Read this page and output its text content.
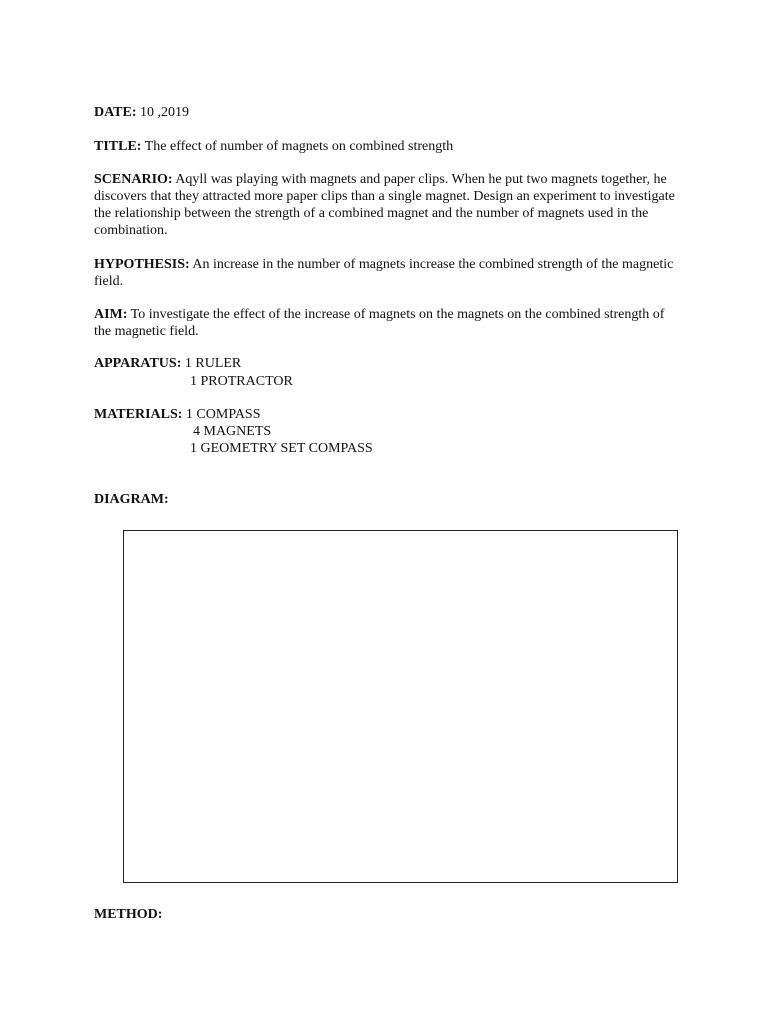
DATE: 10 ,2019
TITLE: The effect of number of magnets on combined strength
SCENARIO: Aqyll was playing with magnets and paper clips. When he put two magnets together, he discovers that they attracted more paper clips than a single magnet. Design an experiment to investigate the relationship between the strength of a combined magnet and the number of magnets used in the combination.
HYPOTHESIS: An increase in the number of magnets increase the combined strength of the magnetic field.
AIM: To investigate the effect of the increase of magnets on the magnets on the combined strength of the magnetic field.
APPARATUS: 1 RULER
1 PROTRACTOR
MATERIALS: 1 COMPASS
4 MAGNETS
1 GEOMETRY SET COMPASS
DIAGRAM:
METHOD:
